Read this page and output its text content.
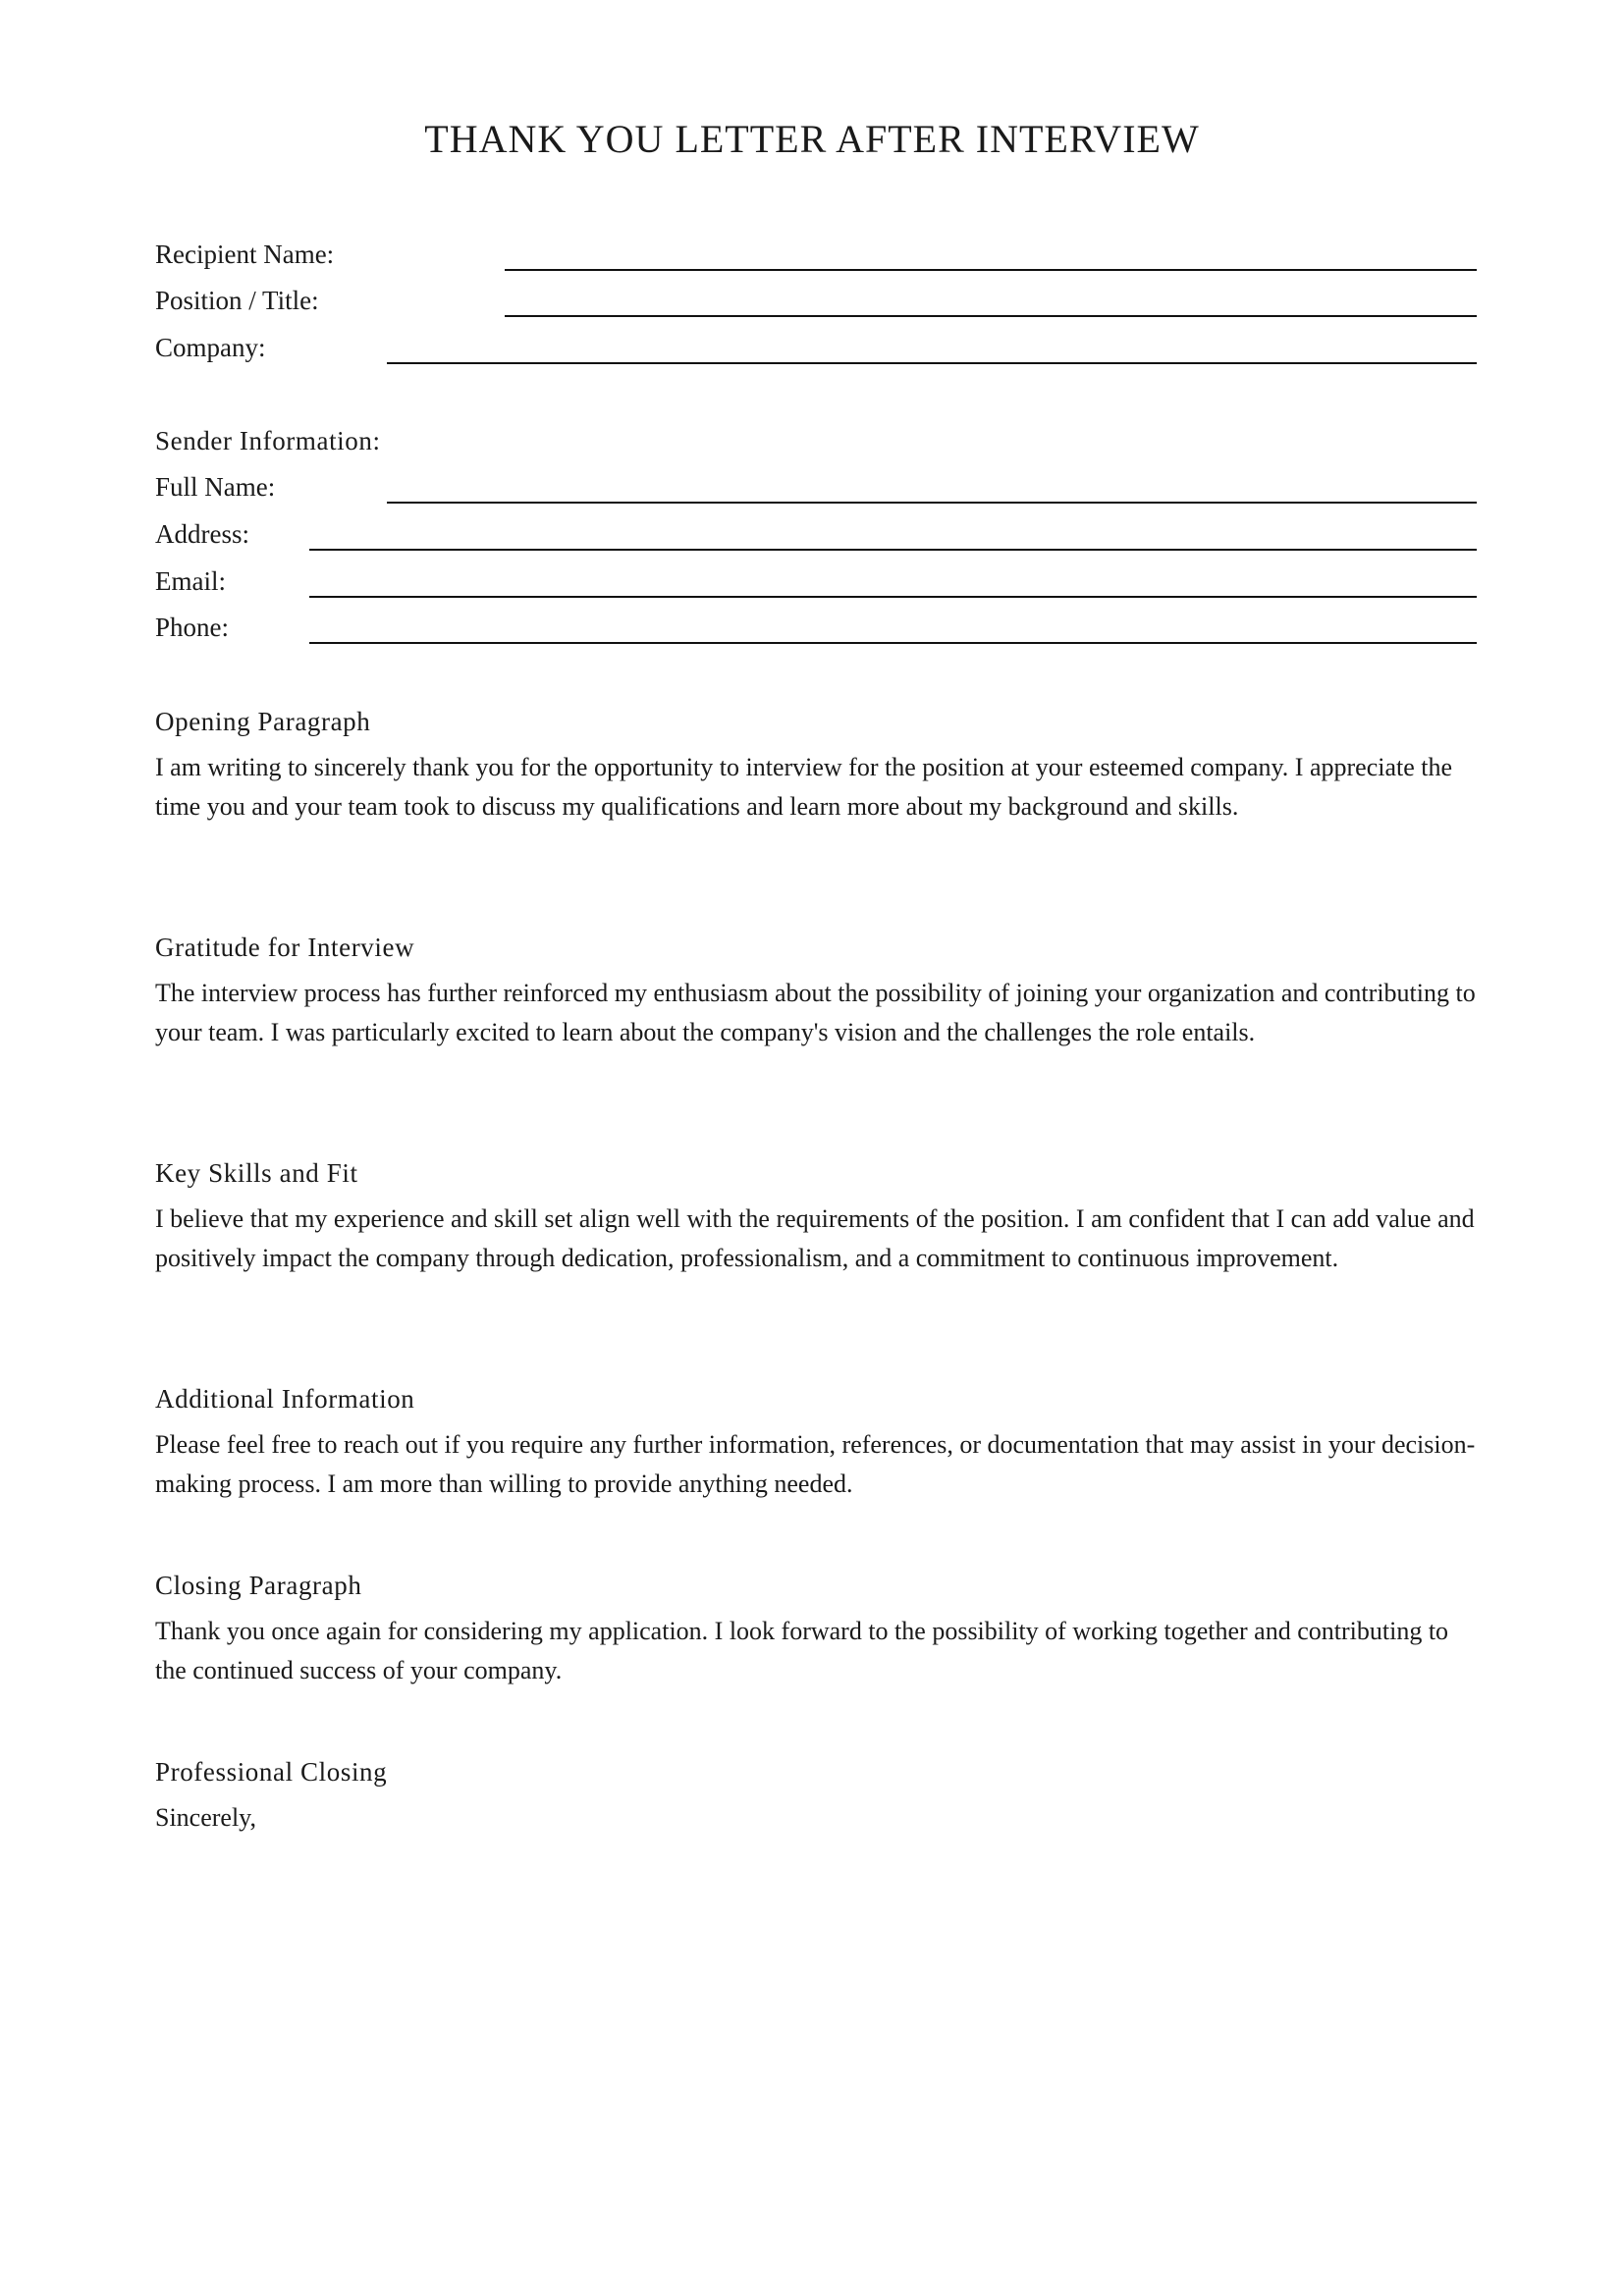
THANK YOU LETTER AFTER INTERVIEW
Recipient Name:
Position / Title:
Company:
Sender Information:
Full Name:
Address:
Email:
Phone:
Opening Paragraph

I am writing to sincerely thank you for the opportunity to interview for the position at your esteemed company. I appreciate the time you and your team took to discuss my qualifications and learn more about my background and skills.

Gratitude for Interview

The interview process has further reinforced my enthusiasm about the possibility of joining your organization and contributing to your team. I was particularly excited to learn about the company's vision and the challenges the role entails.

Key Skills and Fit

I believe that my experience and skill set align well with the requirements of the position. I am confident that I can add value and positively impact the company through dedication, professionalism, and a commitment to continuous improvement.

Additional Information

Please feel free to reach out if you require any further information, references, or documentation that may assist in your decision-making process. I am more than willing to provide anything needed.

Closing Paragraph

Thank you once again for considering my application. I look forward to the possibility of working together and contributing to the continued success of your company.

Professional Closing

Sincerely,
